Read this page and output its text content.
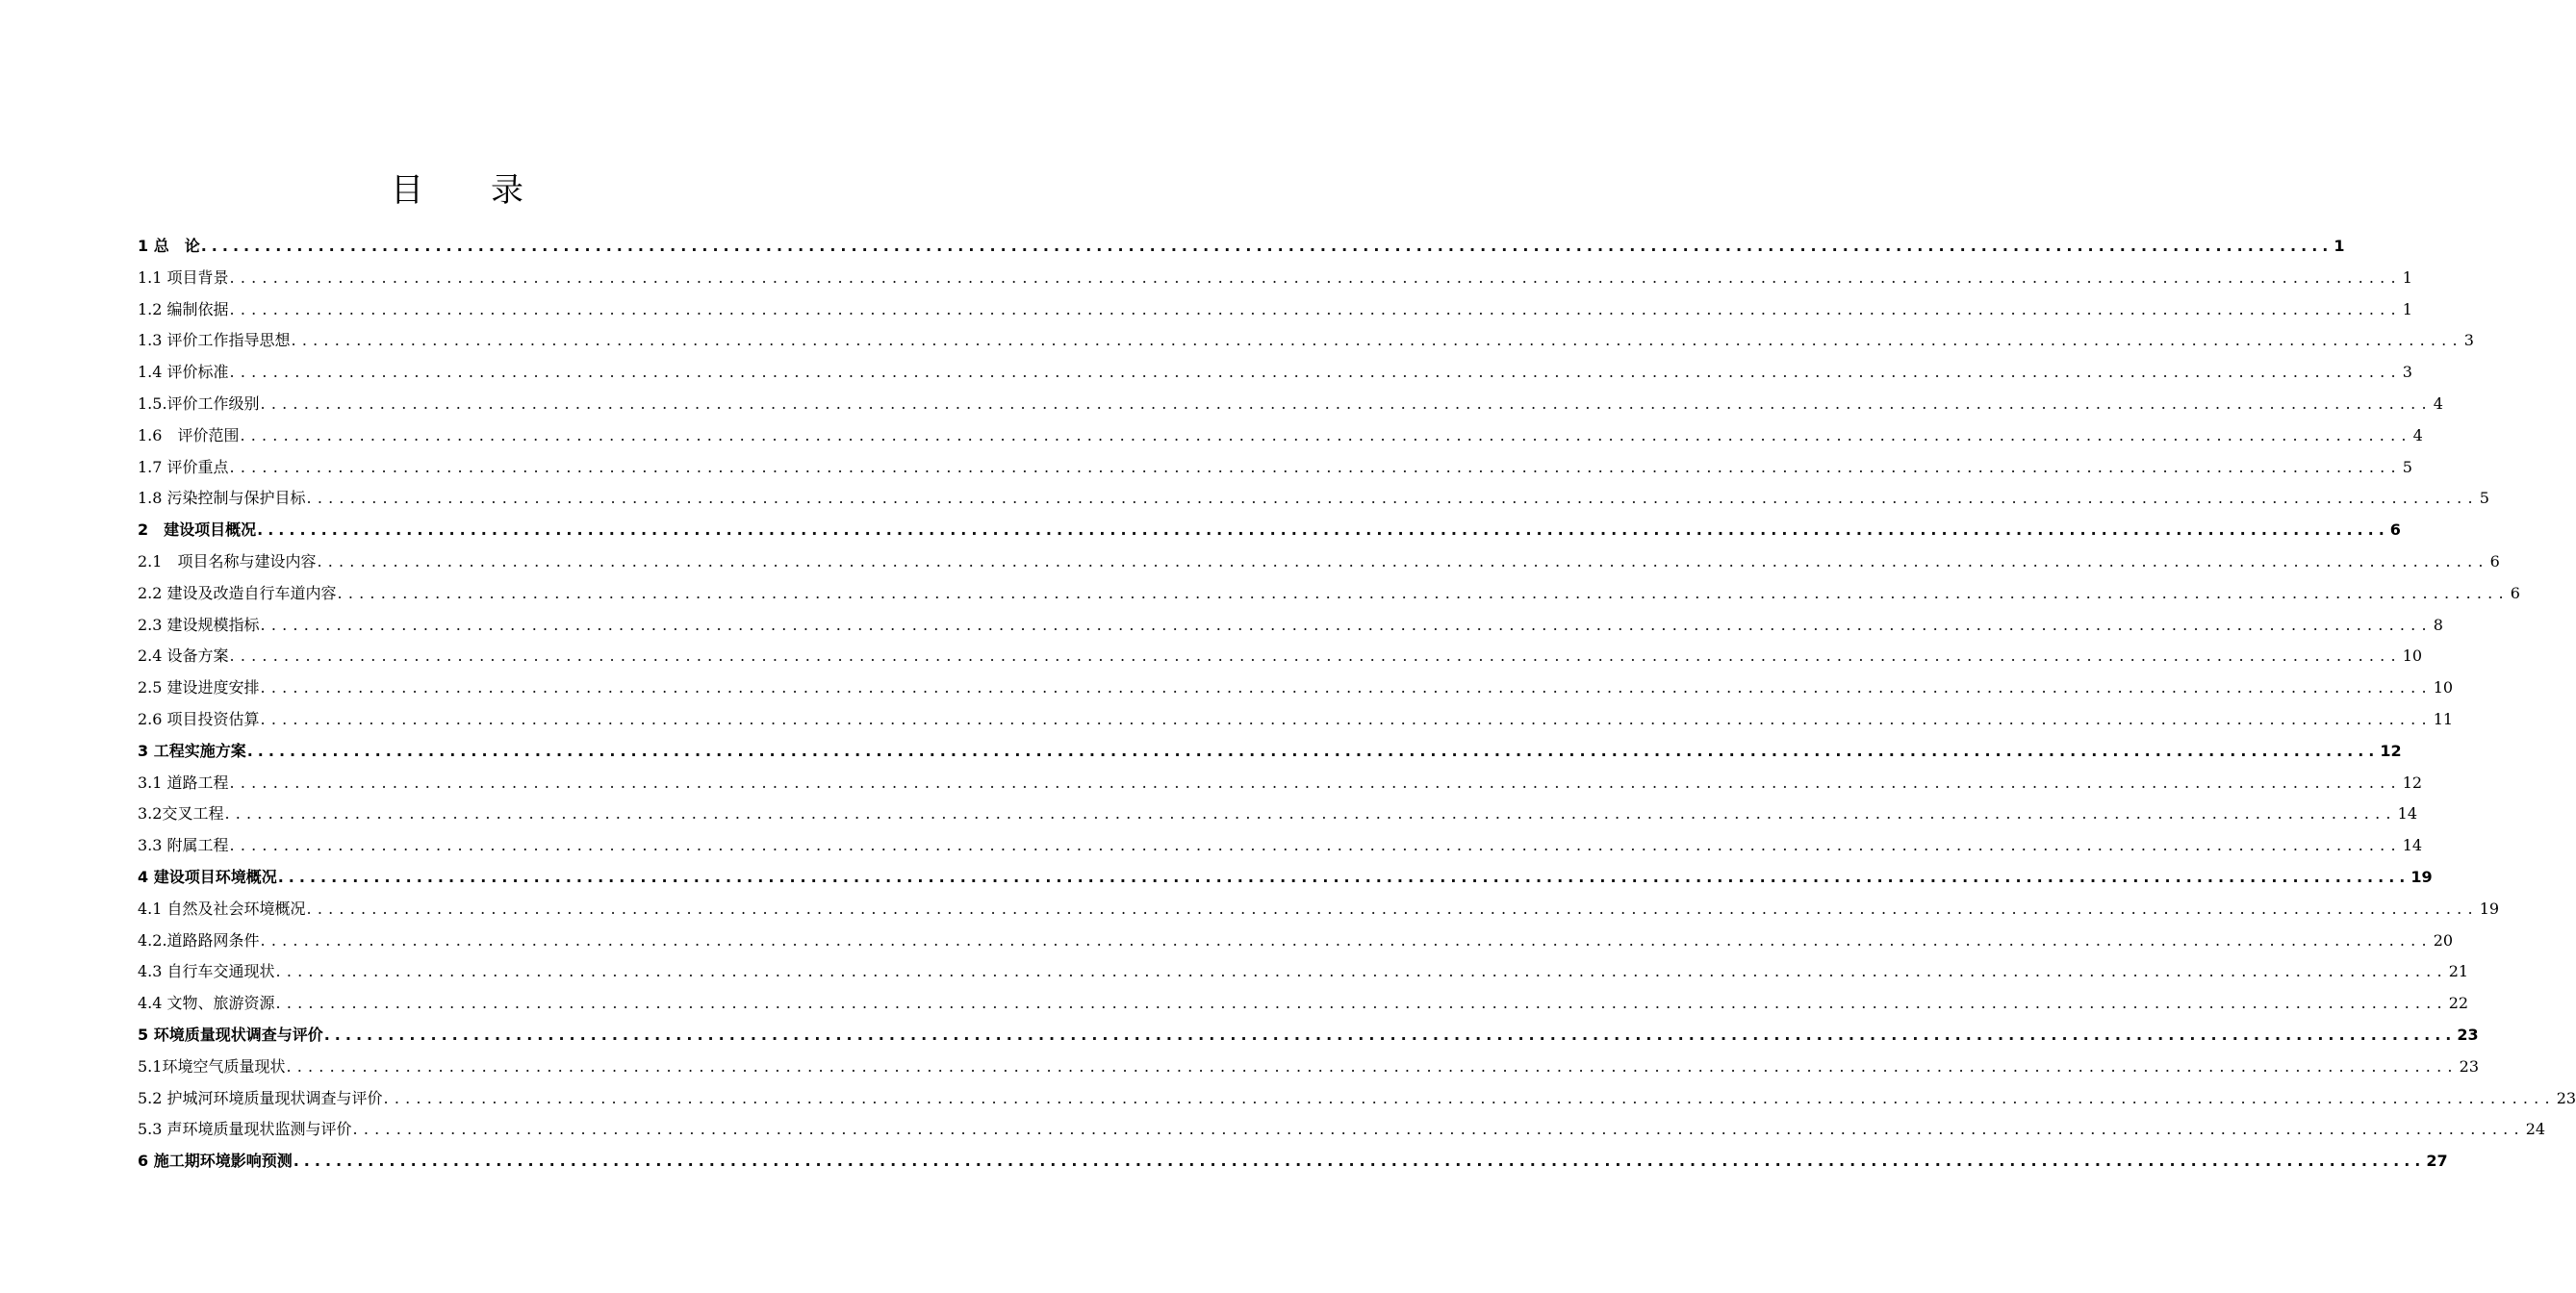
目 录
1 总　论 ........................................................................................................................................................................................................ 1
1.1 项目背景 ........................................................................................................................................................................................................ 1
1.2 编制依据 ........................................................................................................................................................................................................ 1
1.3 评价工作指导思想 ........................................................................................................................................................................................................ 3
1.4 评价标准 ........................................................................................................................................................................................................ 3
1.5.评价工作级别 ........................................................................................................................................................................................................ 4
1.6　评价范围 ........................................................................................................................................................................................................ 4
1.7 评价重点 ........................................................................................................................................................................................................ 5
1.8 污染控制与保护目标 ........................................................................................................................................................................................................ 5
2　建设项目概况 ........................................................................................................................................................................................................ 6
2.1　项目名称与建设内容 ........................................................................................................................................................................................................ 6
2.2 建设及改造自行车道内容 ........................................................................................................................................................................................................ 6
2.3 建设规模指标 ........................................................................................................................................................................................................ 8
2.4 设备方案 ........................................................................................................................................................................................................ 10
2.5 建设进度安排 ........................................................................................................................................................................................................ 10
2.6 项目投资估算 ........................................................................................................................................................................................................ 11
3 工程实施方案 ........................................................................................................................................................................................................ 12
3.1 道路工程 ........................................................................................................................................................................................................ 12
3.2交叉工程 ........................................................................................................................................................................................................ 14
3.3 附属工程 ........................................................................................................................................................................................................ 14
4 建设项目环境概况 ........................................................................................................................................................................................................ 19
4.1 自然及社会环境概况 ........................................................................................................................................................................................................ 19
4.2.道路路网条件 ........................................................................................................................................................................................................ 20
4.3 自行车交通现状 ........................................................................................................................................................................................................ 21
4.4 文物、旅游资源 ........................................................................................................................................................................................................ 22
5 环境质量现状调查与评价 ........................................................................................................................................................................................................ 23
5.1环境空气质量现状 ........................................................................................................................................................................................................ 23
5.2 护城河环境质量现状调查与评价 ........................................................................................................................................................................................................ 23
5.3 声环境质量现状监测与评价 ........................................................................................................................................................................................................ 24
6 施工期环境影响预测 ........................................................................................................................................................................................................ 27
